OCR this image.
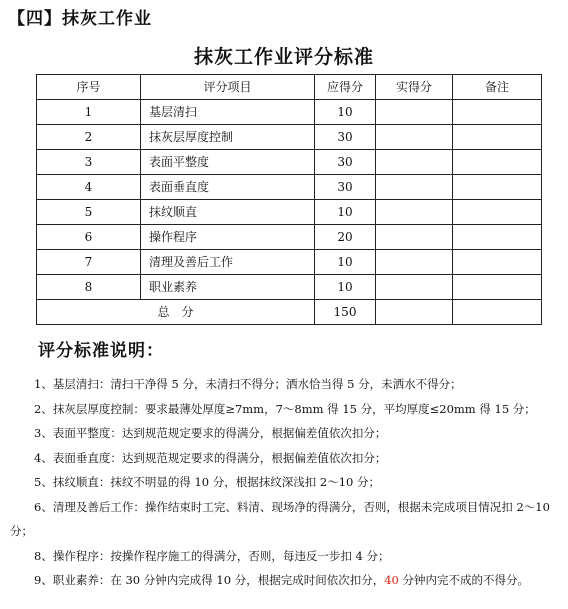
【四】抹灰工作业
抹灰工作业评分标准
序号	评分项目	应得分	实得分	备注
1	基层清扫	10		
2	抹灰层厚度控制	30		
3	表面平整度	30		
4	表面垂直度	30		
5	抹纹顺直	10		
6	操作程序	20		
7	清理及善后工作	10		
8	职业素养	10		
总分		150		
评分标准说明：
1、基层清扫：清扫干净得 5 分，未清扫不得分；洒水恰当得 5 分，未洒水不得分；
2、抹灰层厚度控制：要求最薄处厚度≥7mm，7～8mm 得 15 分，平均厚度≤20mm 得 15 分；
3、表面平整度：达到规范规定要求的得满分，根据偏差值依次扣分；
4、表面垂直度：达到规范规定要求的得满分，根据偏差值依次扣分；
5、抹纹顺直：抹纹不明显的得 10 分，根据抹纹深浅扣 2～10 分；
6、清理及善后工作：操作结束时工完、料清、现场净的得满分，否则，根据未完成项目情况扣 2～10 分；
8、操作程序：按操作程序施工的得满分，否则，每违反一步扣 4 分；
9、职业素养：在 30 分钟内完成得 10 分，根据完成时间依次扣分，40 分钟内完不成的不得分。
